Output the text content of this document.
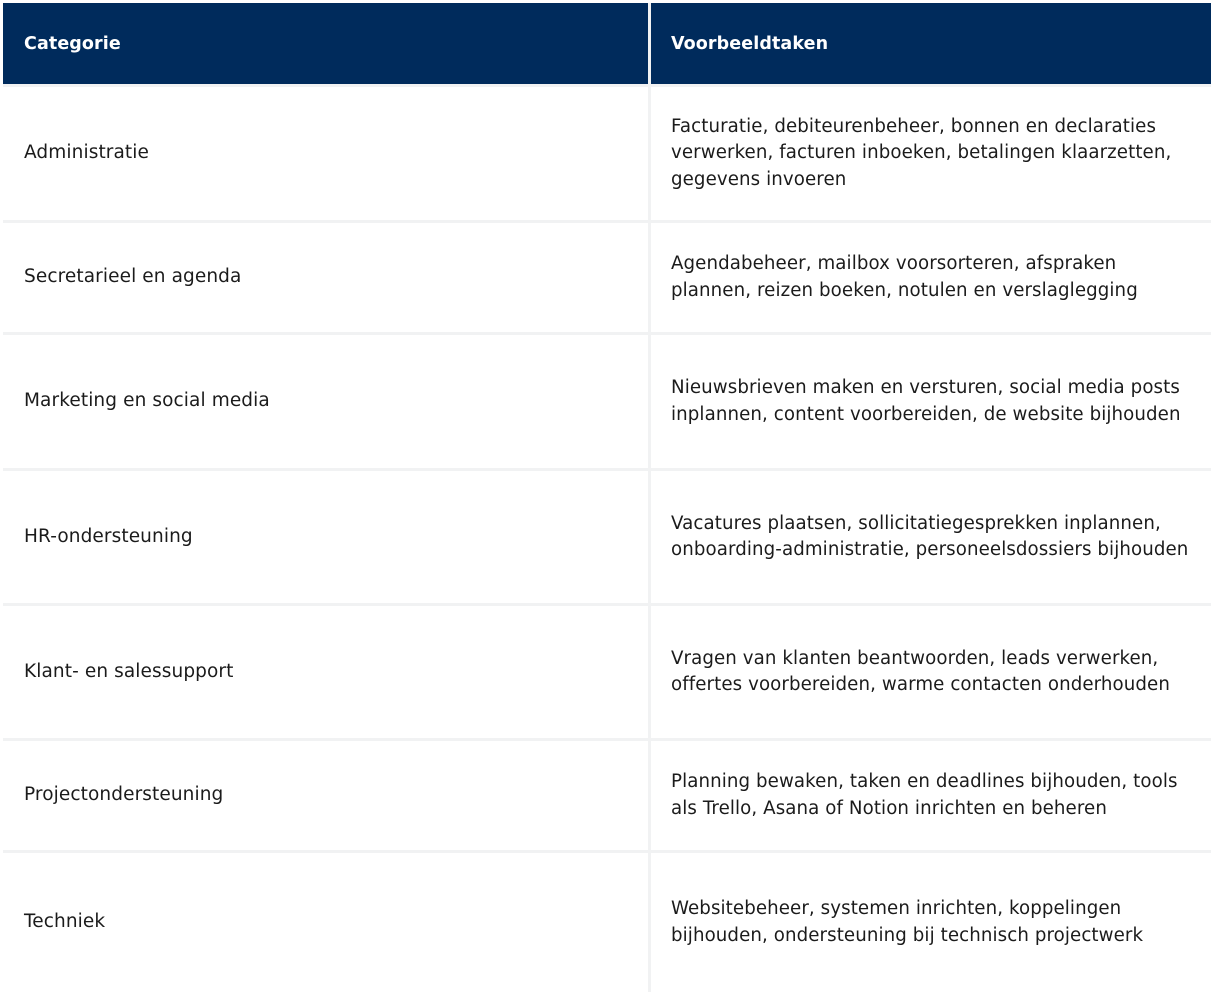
Categorie	Voorbeeldtaken
Administratie
Facturatie, debiteurenbeheer, bonnen en declaraties verwerken, facturen inboeken, betalingen klaarzetten, gegevens invoeren
Secretarieel en agenda
Agendabeheer, mailbox voorsorteren, afspraken plannen, reizen boeken, notulen en verslaglegging
Marketing en social media
Nieuwsbrieven maken en versturen, social media posts inplannen, content voorbereiden, de website bijhouden
HR-ondersteuning
Vacatures plaatsen, sollicitatiegesprekken inplannen, onboarding-administratie, personeelsdossiers bijhouden
Klant- en salessupport
Vragen van klanten beantwoorden, leads verwerken, offertes voorbereiden, warme contacten onderhouden
Projectondersteuning
Planning bewaken, taken en deadlines bijhouden, tools als Trello, Asana of Notion inrichten en beheren
Techniek
Websitebeheer, systemen inrichten, koppelingen bijhouden, ondersteuning bij technisch projectwerk
